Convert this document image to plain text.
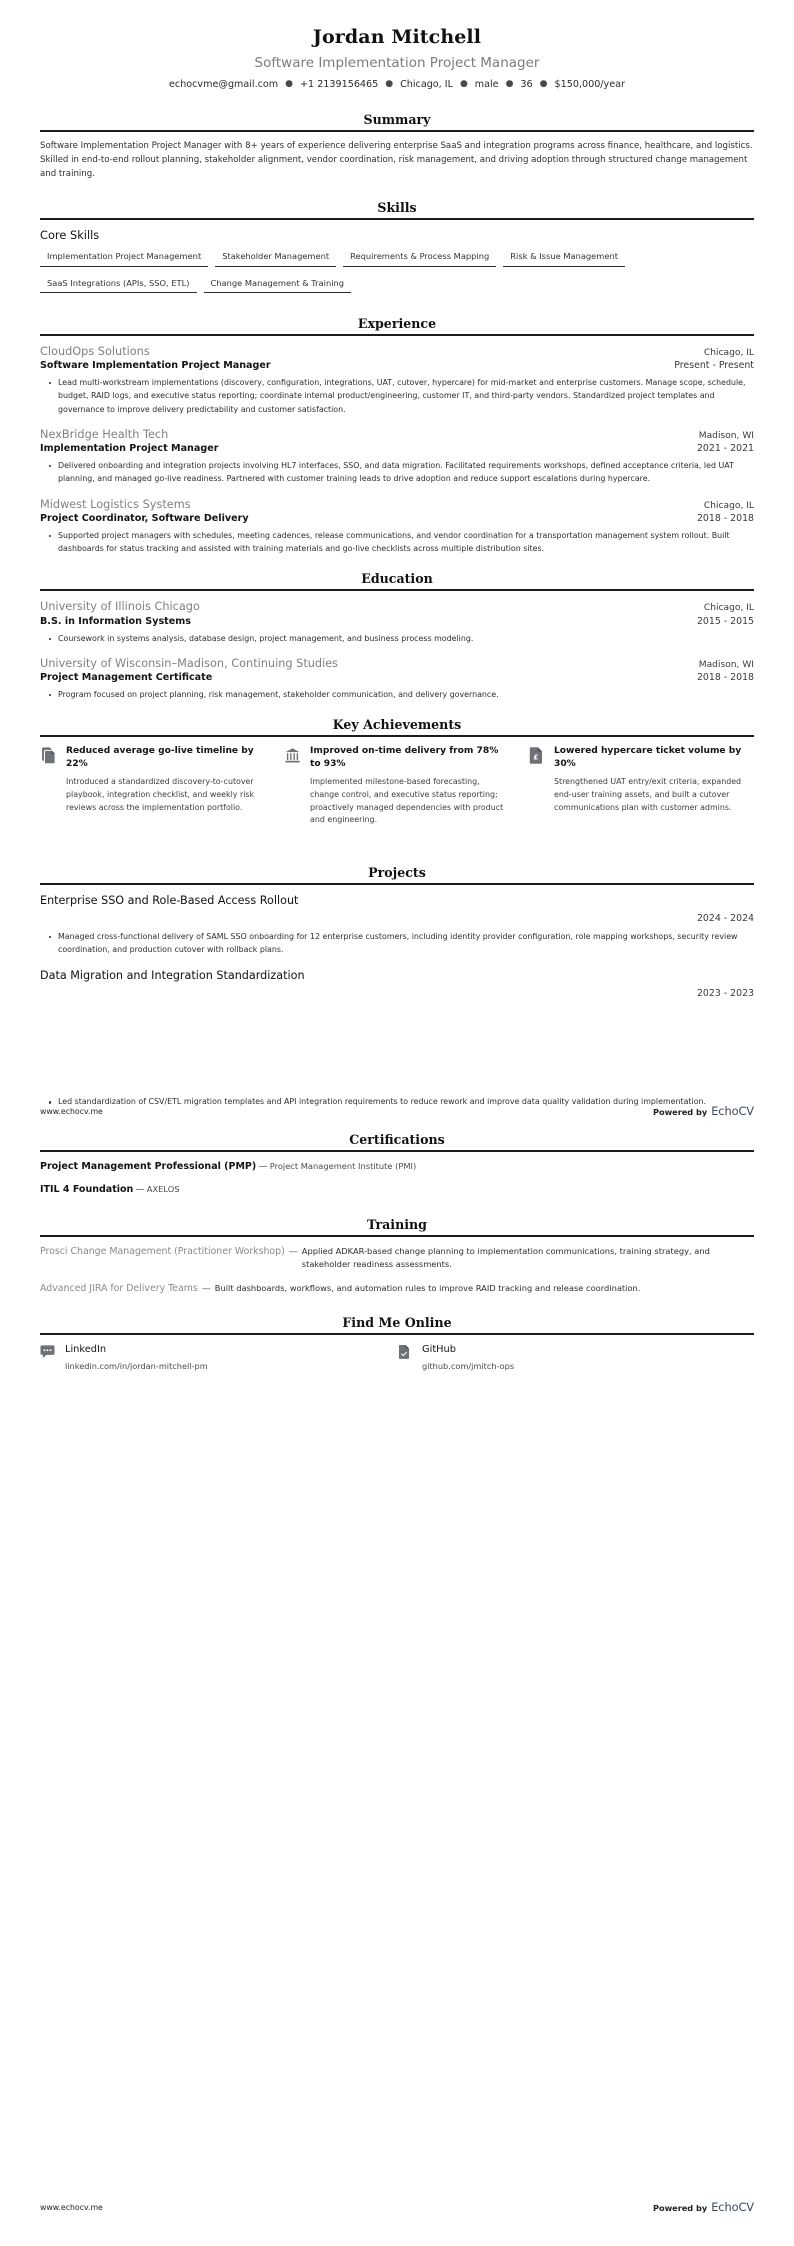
Jordan Mitchell
Software Implementation Project Manager
echocvme@gmail.com ● +1 2139156465 ● Chicago, IL ● male ● 36 ● $150,000/year
Summary
Software Implementation Project Manager with 8+ years of experience delivering enterprise SaaS and integration programs across finance, healthcare, and logistics. Skilled in end-to-end rollout planning, stakeholder alignment, vendor coordination, risk management, and driving adoption through structured change management and training.
Skills
Core Skills
Implementation Project Management	Stakeholder Management	Requirements & Process Mapping	Risk & Issue Management
SaaS Integrations (APIs, SSO, ETL)	Change Management & Training
Experience
CloudOps Solutions	Chicago, IL
Software Implementation Project Manager	Present - Present
Lead multi-workstream implementations (discovery, configuration, integrations, UAT, cutover, hypercare) for mid-market and enterprise customers. Manage scope, schedule, budget, RAID logs, and executive status reporting; coordinate internal product/engineering, customer IT, and third-party vendors. Standardized project templates and governance to improve delivery predictability and customer satisfaction.
NexBridge Health Tech	Madison, WI
Implementation Project Manager	2021 - 2021
Delivered onboarding and integration projects involving HL7 interfaces, SSO, and data migration. Facilitated requirements workshops, defined acceptance criteria, led UAT planning, and managed go-live readiness. Partnered with customer training leads to drive adoption and reduce support escalations during hypercare.
Midwest Logistics Systems	Chicago, IL
Project Coordinator, Software Delivery	2018 - 2018
Supported project managers with schedules, meeting cadences, release communications, and vendor coordination for a transportation management system rollout. Built dashboards for status tracking and assisted with training materials and go-live checklists across multiple distribution sites.
Education
University of Illinois Chicago	Chicago, IL
B.S. in Information Systems	2015 - 2015
Coursework in systems analysis, database design, project management, and business process modeling.
University of Wisconsin–Madison, Continuing Studies	Madison, WI
Project Management Certificate	2018 - 2018
Program focused on project planning, risk management, stakeholder communication, and delivery governance.
Key Achievements
Reduced average go-live timeline by 22%
Introduced a standardized discovery-to-cutover playbook, integration checklist, and weekly risk reviews across the implementation portfolio.
Improved on-time delivery from 78% to 93%
Implemented milestone-based forecasting, change control, and executive status reporting; proactively managed dependencies with product and engineering.
£
Lowered hypercare ticket volume by 30%
Strengthened UAT entry/exit criteria, expanded end-user training assets, and built a cutover communications plan with customer admins.
Projects
Enterprise SSO and Role-Based Access Rollout
2024 - 2024
Managed cross-functional delivery of SAML SSO onboarding for 12 enterprise customers, including identity provider configuration, role mapping workshops, security review coordination, and production cutover with rollback plans.
Data Migration and Integration Standardization
2023 - 2023
Led standardization of CSV/ETL migration templates and API integration requirements to reduce rework and improve data quality validation during implementation.
Certifications
Project Management Professional (PMP) — Project Management Institute (PMI)
ITIL 4 Foundation — AXELOS
Training
Prosci Change Management (Practitioner Workshop) — Applied ADKAR-based change planning to implementation communications, training strategy, and stakeholder readiness assessments.
Advanced JIRA for Delivery Teams — Built dashboards, workflows, and automation rules to improve RAID tracking and release coordination.
Find Me Online
LinkedIn
linkedin.com/in/jordan-mitchell-pm
GitHub
github.com/jmitch-ops
www.echocv.me	Powered by EchoCV
www.echocv.me	Powered by EchoCV
